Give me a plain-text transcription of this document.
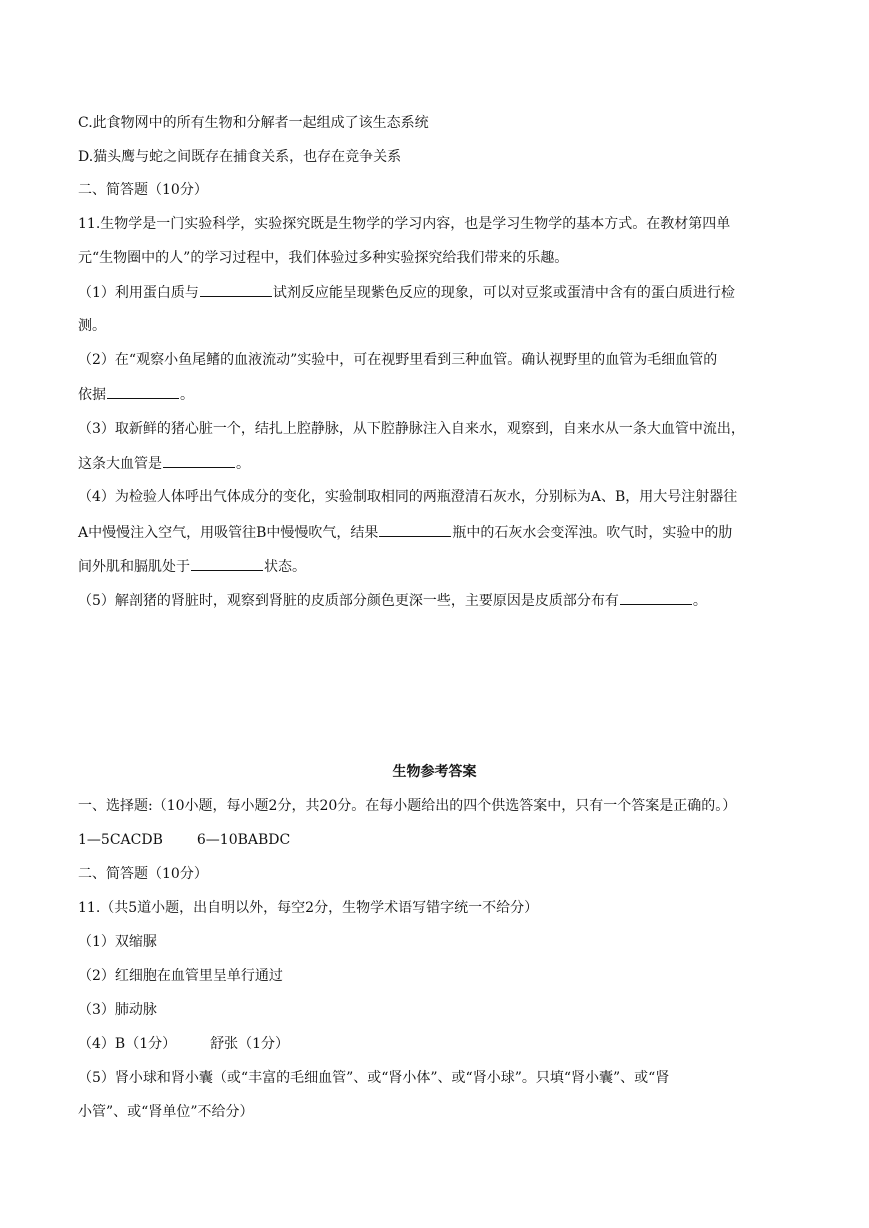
C.此食物网中的所有生物和分解者一起组成了该生态系统
D.猫头鹰与蛇之间既存在捕食关系，也存在竞争关系
二、简答题（10分）
11.生物学是一门实验科学，实验探究既是生物学的学习内容，也是学习生物学的基本方式。在教材第四单
元“生物圈中的人”的学习过程中，我们体验过多种实验探究给我们带来的乐趣。
（1）利用蛋白质与	试剂反应能呈现紫色反应的现象，可以对豆浆或蛋清中含有的蛋白质进行检
测。
（2）在“观察小鱼尾鳍的血液流动”实验中，可在视野里看到三种血管。确认视野里的血管为毛细血管的
依据	。
（3）取新鲜的猪心脏一个，结扎上腔静脉，从下腔静脉注入自来水，观察到，自来水从一条大血管中流出，
这条大血管是	。
（4）为检验人体呼出气体成分的变化，实验制取相同的两瓶澄清石灰水，分别标为A、B，用大号注射器往
A中慢慢注入空气，用吸管往B中慢慢吹气，结果	瓶中的石灰水会变浑浊。吹气时，实验中的肋
间外肌和膈肌处于	状态。
（5）解剖猪的肾脏时，观察到肾脏的皮质部分颜色更深一些，主要原因是皮质部分布有	。
生物参考答案
一、选择题:（10小题，每小题2分，共20分。在每小题给出的四个供选答案中，只有一个答案是正确的。）
1—5CACDB 6—10BABDC
二、简答题（10分）
11.（共5道小题，出自明以外，每空2分，生物学术语写错字统一不给分）
（1）双缩脲
（2）红细胞在血管里呈单行通过
（3）肺动脉
（4）B（1分） 舒张（1分）
（5）肾小球和肾小囊（或“丰富的毛细血管”、或“肾小体”、或“肾小球”。只填“肾小囊”、或“肾
小管”、或“肾单位”不给分）
